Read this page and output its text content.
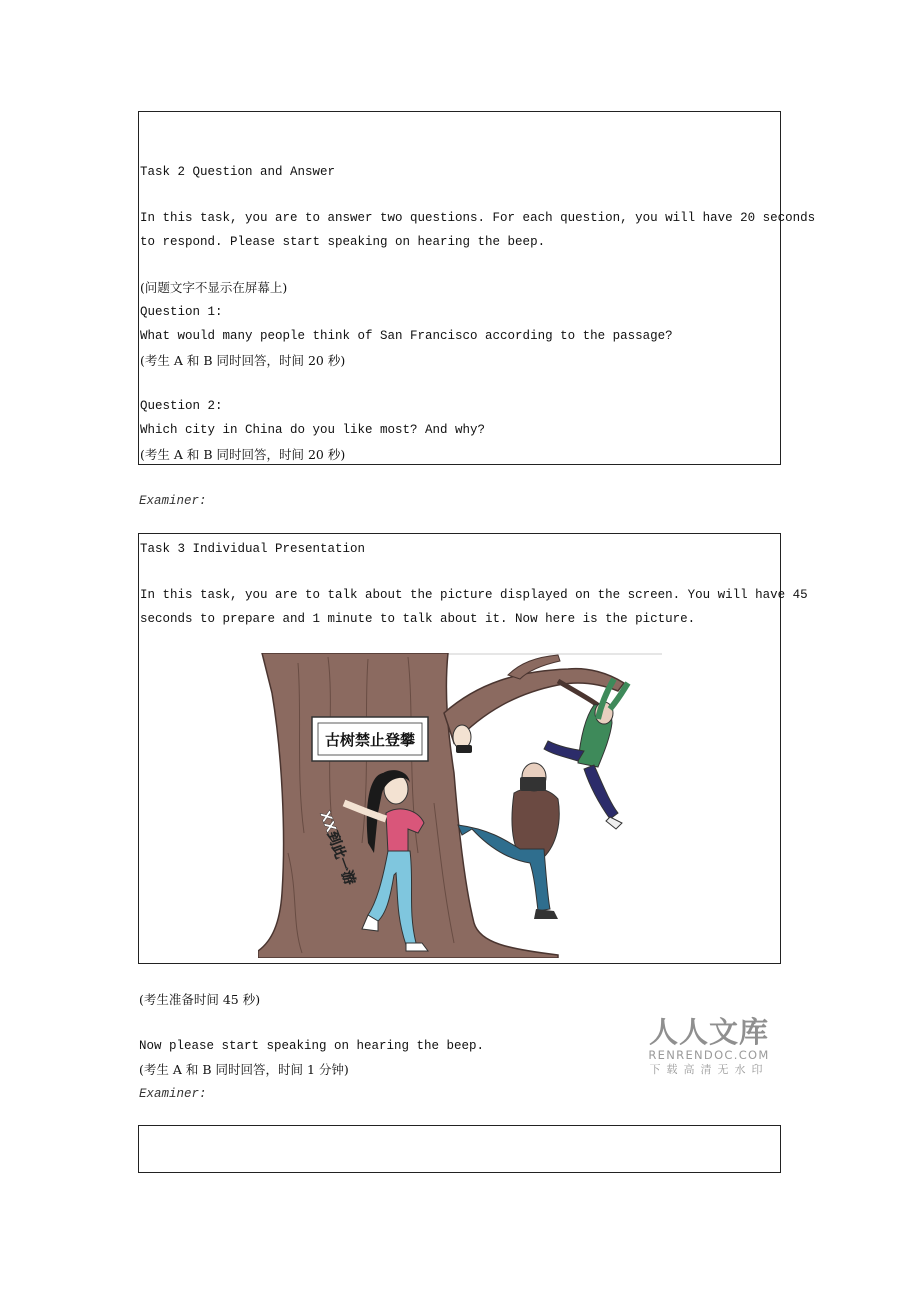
Task 2 Question and Answer
In this task, you are to answer two questions. For each question, you will have 20 seconds
to respond. Please start speaking on hearing the beep.
(问题文字不显示在屏幕上)
Question 1:
What would many people think of San Francisco according to the passage?
(考生 A 和 B 同时回答，时间 20 秒)
Question 2:
Which city in China do you like most? And why?
(考生 A 和 B 同时回答，时间 20 秒)
Examiner:
Task 3 Individual Presentation
In this task, you are to talk about the picture displayed on the screen. You will have 45
seconds to prepare and 1 minute to talk about it. Now here is the picture.
古树禁止登攀
XX到此一游
(考生准备时间 45 秒)
Now please start speaking on hearing the beep.
(考生 A 和 B 同时回答，时间 1 分钟)
Examiner:
人人文库
RENRENDOC.COM
下载高清无水印
